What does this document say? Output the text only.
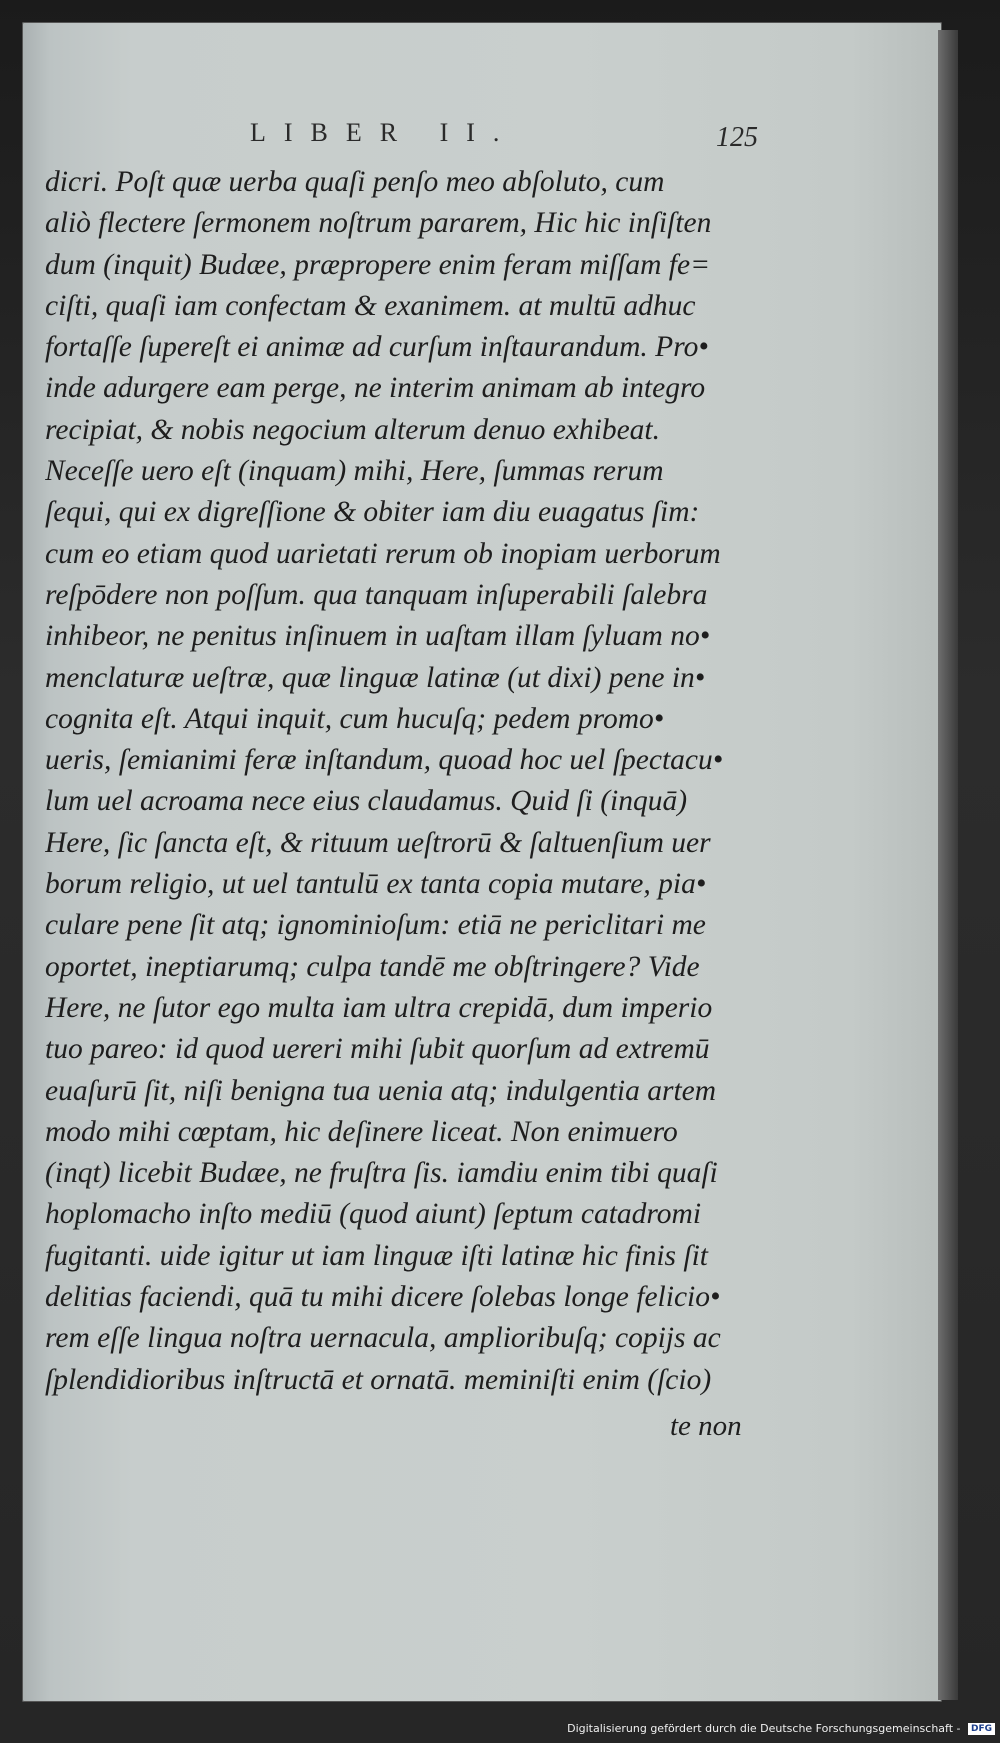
LIBER II.	125
dicri. Poſt quæ uerba quaſi penſo meo abſoluto, cum
aliò flectere ſermonem noſtrum pararem, Hic hic inſiſten
dum (inquit) Budæe, præpropere enim feram miſſam fe=
ciſti, quaſi iam confectam & exanimem. at multū adhuc
fortaſſe ſupereſt ei animæ ad curſum inſtaurandum. Pro•
inde adurgere eam perge, ne interim animam ab integro
recipiat, & nobis negocium alterum denuo exhibeat.
Neceſſe uero eſt (inquam) mihi, Here, ſummas rerum
ſequi, qui ex digreſſione & obiter iam diu euagatus ſim:
cum eo etiam quod uarietati rerum ob inopiam uerborum
reſpōdere non poſſum. qua tanquam inſuperabili ſalebra
inhibeor, ne penitus inſinuem in uaſtam illam ſyluam no•
menclaturæ ueſtræ, quæ linguæ latinæ (ut dixi) pene in•
cognita eſt. Atqui inquit, cum hucuſq; pedem promo•
ueris, ſemianimi feræ inſtandum, quoad hoc uel ſpectacu•
lum uel acroama nece eius claudamus. Quid ſi (inquā)
Here, ſic ſancta eſt, & rituum ueſtrorū & ſaltuenſium uer
borum religio, ut uel tantulū ex tanta copia mutare, pia•
culare pene ſit atq; ignominioſum: etiā ne periclitari me
oportet, ineptiarumq; culpa tandē me obſtringere? Vide
Here, ne ſutor ego multa iam ultra crepidā, dum imperio
tuo pareo: id quod uereri mihi ſubit quorſum ad extremū
euaſurū ſit, niſi benigna tua uenia atq; indulgentia artem
modo mihi cœptam, hic deſinere liceat. Non enimuero
(inqt) licebit Budæe, ne fruſtra ſis. iamdiu enim tibi quaſi
hoplomacho inſto mediū (quod aiunt) ſeptum catadromi
fugitanti. uide igitur ut iam linguæ iſti latinæ hic finis ſit
delitias faciendi, quā tu mihi dicere ſolebas longe felicio•
rem eſſe lingua noſtra uernacula, amplioribuſq; copijs ac
ſplendidioribus inſtructā et ornatā. meminiſti enim (ſcio)
te non
Digitalisierung gefördert durch die Deutsche Forschungsgemeinschaft - DFG
